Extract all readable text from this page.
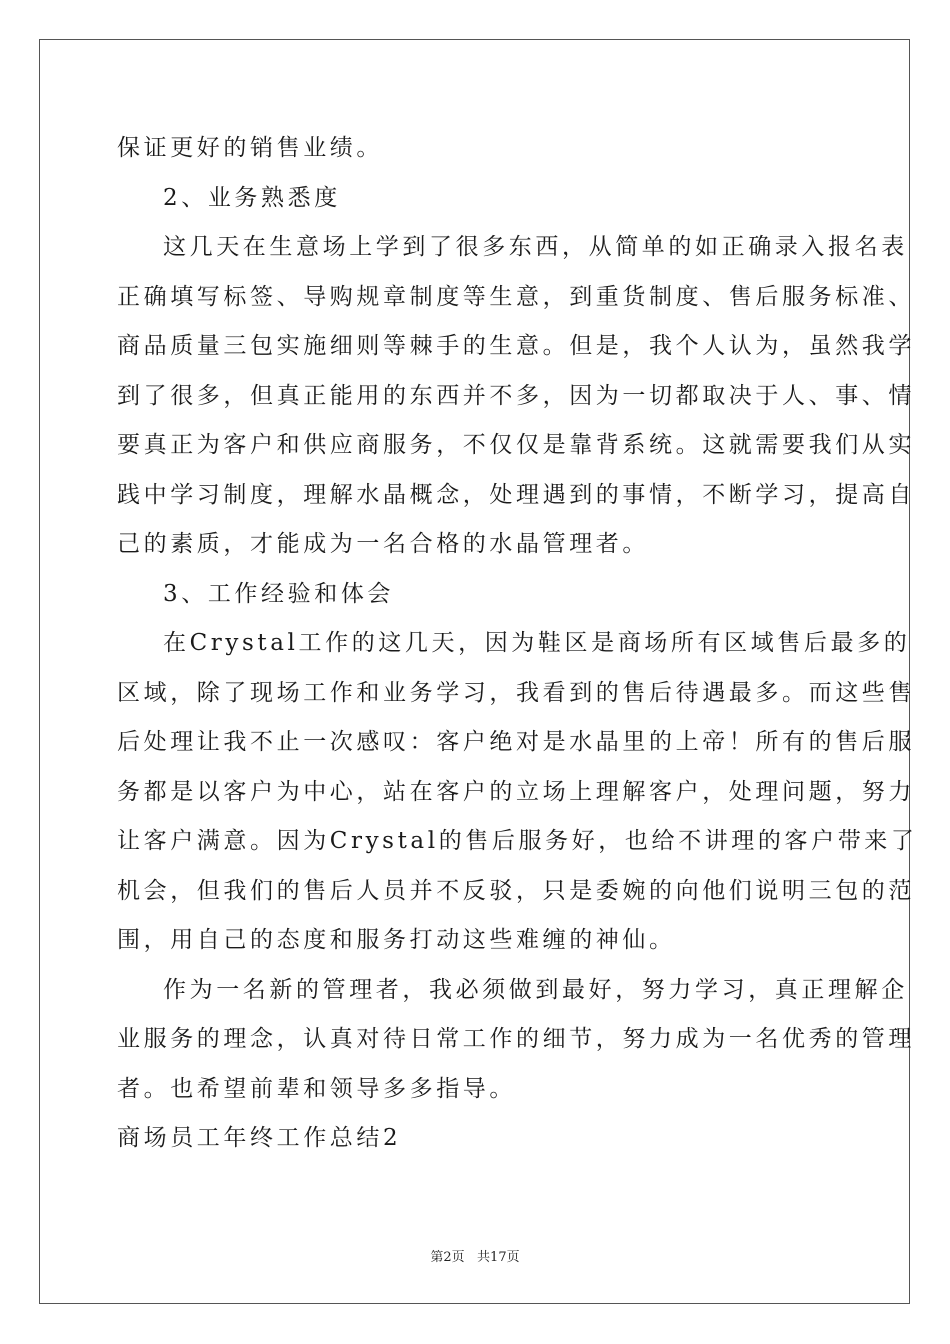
保证更好的销售业绩。
2、业务熟悉度
这几天在生意场上学到了很多东西，从简单的如正确录入报名表
正确填写标签、导购规章制度等生意，到重货制度、售后服务标准、
商品质量三包实施细则等棘手的生意。但是，我个人认为，虽然我学
到了很多，但真正能用的东西并不多，因为一切都取决于人、事、情
要真正为客户和供应商服务，不仅仅是靠背系统。这就需要我们从实
践中学习制度，理解水晶概念，处理遇到的事情，不断学习，提高自
己的素质，才能成为一名合格的水晶管理者。
3、工作经验和体会
在Crystal工作的这几天，因为鞋区是商场所有区域售后最多的
区域，除了现场工作和业务学习，我看到的售后待遇最多。而这些售
后处理让我不止一次感叹：客户绝对是水晶里的上帝！所有的售后服
务都是以客户为中心，站在客户的立场上理解客户，处理问题，努力
让客户满意。因为Crystal的售后服务好，也给不讲理的客户带来了
机会，但我们的售后人员并不反驳，只是委婉的向他们说明三包的范
围，用自己的态度和服务打动这些难缠的神仙。
作为一名新的管理者，我必须做到最好，努力学习，真正理解企
业服务的理念，认真对待日常工作的细节，努力成为一名优秀的管理
者。也希望前辈和领导多多指导。
商场员工年终工作总结2
第2页   共17页
